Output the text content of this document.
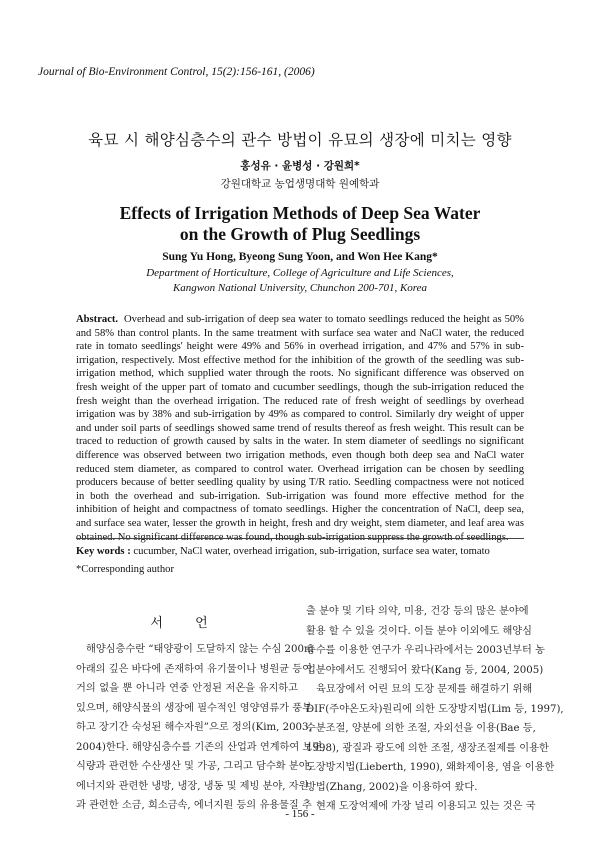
Journal of Bio-Environment Control, 15(2):156-161, (2006)
육묘 시 해양심층수의 관수 방법이 유묘의 생장에 미치는 영향
홍성유 · 윤병성 · 강원희*
강원대학교 농업생명대학 원예학과
Effects of Irrigation Methods of Deep Sea Water
on the Growth of Plug Seedlings
Sung Yu Hong, Byeong Sung Yoon, and Won Hee Kang*
Department of Horticulture, College of Agriculture and Life Sciences,
Kangwon National University, Chunchon 200-701, Korea
Abstract. Overhead and sub-irrigation of deep sea water to tomato seedlings reduced the height as 50% and 58% than control plants. In the same treatment with surface sea water and NaCl water, the reduced rate in tomato seedlings' height were 49% and 56% in overhead irrigation, and 47% and 57% in sub-irrigation, respectively. Most effective method for the inhibition of the growth of the seedling was sub-irrigation method, which supplied water through the roots. No significant difference was observed on fresh weight of the upper part of tomato and cucumber seedlings, though the sub-irrigation reduced the fresh weight than the overhead irrigation. The reduced rate of fresh weight of seedlings by overhead irrigation was by 38% and sub-irrigation by 49% as compared to control. Similarly dry weight of upper and under soil parts of seedlings showed same trend of results thereof as fresh weight. This result can be traced to reduction of growth caused by salts in the water. In stem diameter of seedlings no significant difference was observed between two irrigation methods, even though both deep sea and NaCl water reduced stem diameter, as compared to control water. Overhead irrigation can be chosen by seedling producers because of better seedling quality by using T/R ratio. Seedling compactness were not noticed in both the overhead and sub-irrigation. Sub-irrigation was found more effective method for the inhibition of height and compactness of tomato seedlings. Higher the concentration of NaCl, deep sea, and surface sea water, lesser the growth in height, fresh and dry weight, stem diameter, and leaf area was obtained. No significant difference was found, though sub-irrigation suppress the growth of seedlings.
Key words : cucumber, NaCl water, overhead irrigation, sub-irrigation, surface sea water, tomato
*Corresponding author
서 언
해양심층수란 “태양광이 도달하지 않는 수심 200m
아래의 깊은 바다에 존재하여 유기물이나 병원균 등이
거의 없을 뿐 아니라 연중 안정된 저온을 유지하고
있으며, 해양식물의 생장에 필수적인 영양염류가 풍부
하고 장기간 숙성된 해수자원”으로 정의(Kim, 2003,
2004)한다. 해양심층수를 기존의 산업과 연계하여 보면,
식량과 관련한 수산생산 및 가공, 그리고 담수화 분야,
에너지와 관련한 냉방, 냉장, 냉동 및 제빙 분야, 자원
과 관련한 소금, 희소금속, 에너지원 등의 유용물질 추
출 분야 및 기타 의약, 미용, 건강 등의 많은 분야에
활용 할 수 있을 것이다. 이들 분야 이외에도 해양심
층수를 이용한 연구가 우리나라에서는 2003년부터 농
업분야에서도 진행되어 왔다(Kang 등, 2004, 2005)
육묘장에서 어린 묘의 도장 문제를 해결하기 위해
DIF(주야온도차)원리에 의한 도장방지법(Lim 등, 1997),
수분조절, 양분에 의한 조절, 자외선을 이용(Bae 등,
1998), 광질과 광도에 의한 조절, 생장조절제를 이용한
도장방지법(Lieberth, 1990), 왜화제이용, 염을 이용한
방법(Zhang, 2002)을 이용하여 왔다.
현재 도장억제에 가장 널리 이용되고 있는 것은 국
- 156 -
